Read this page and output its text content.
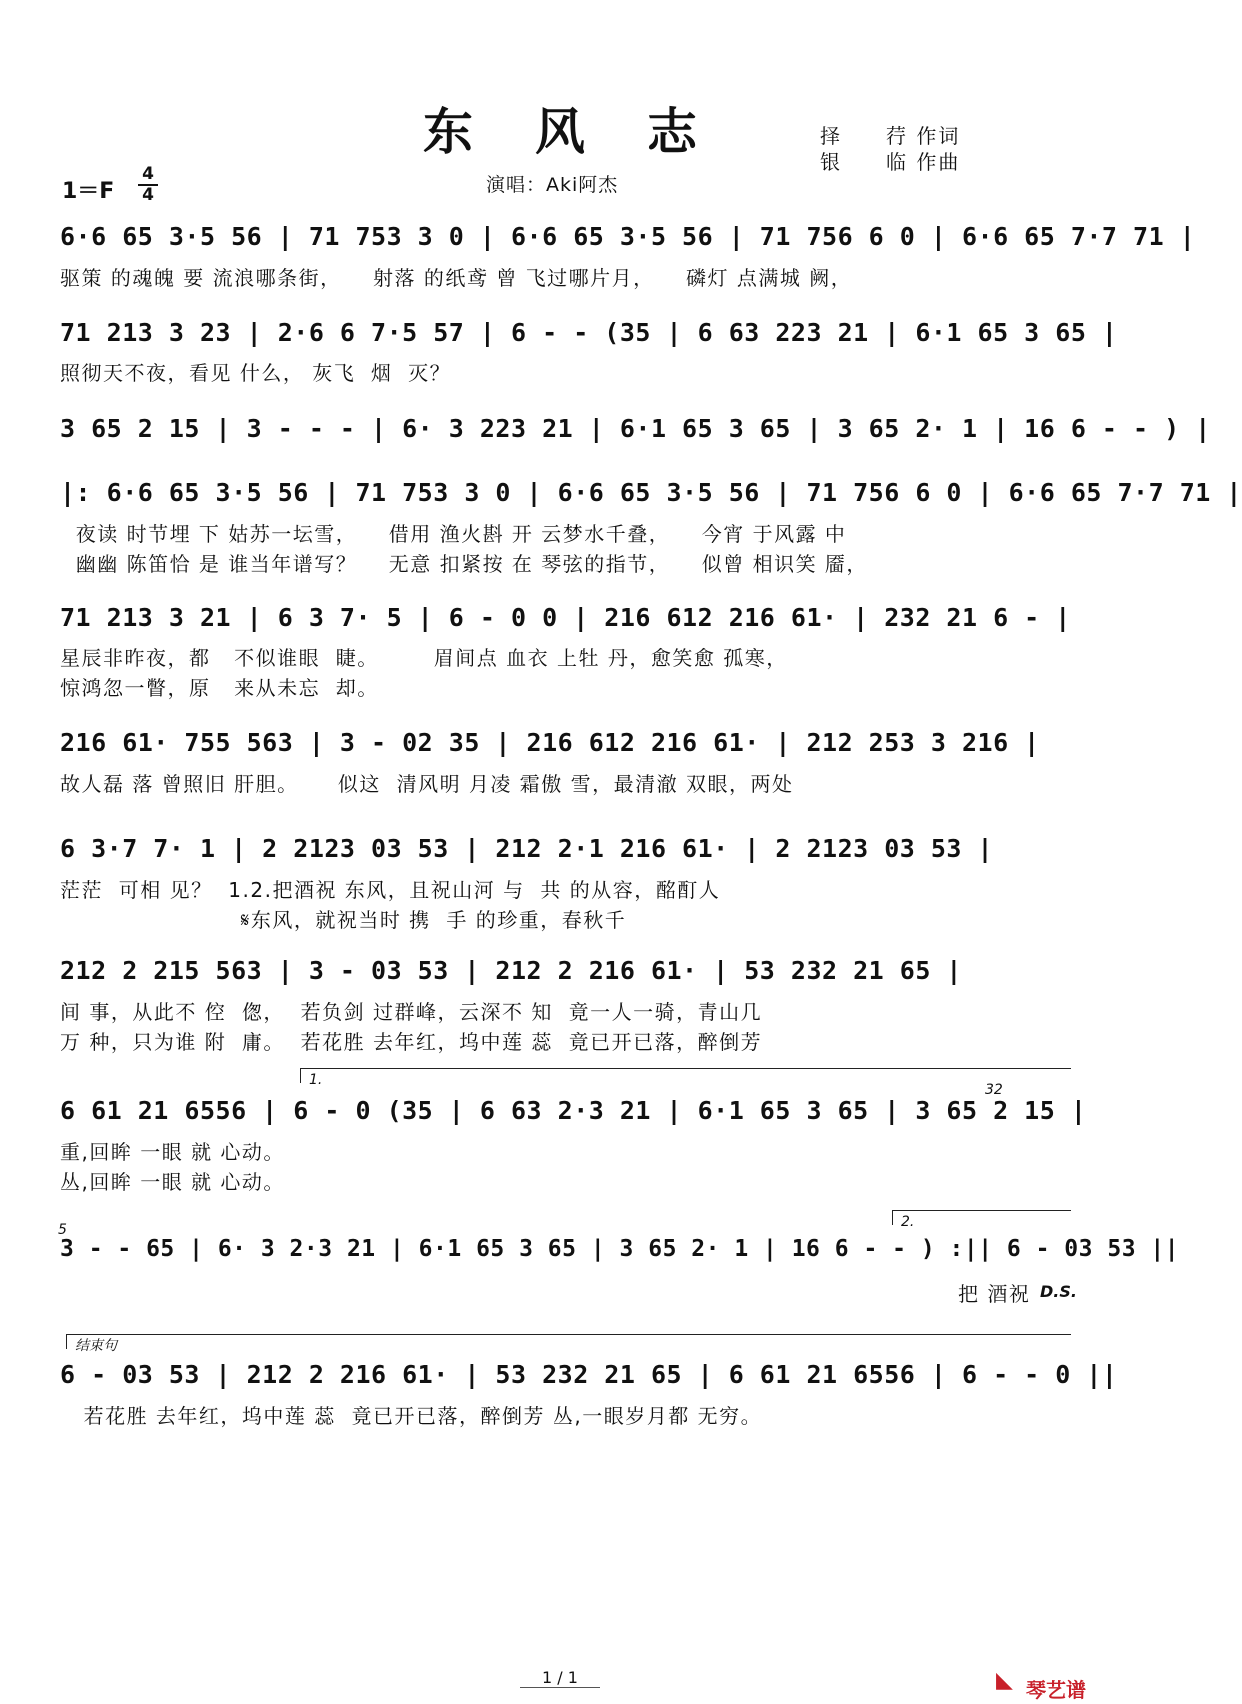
东风志	择　　荇 作词
银　　临 作曲
1＝F
4
4	演唱：Aki阿杰
6·6 65 3·5 56 | 71 753 3 0 | 6·6 65 3·5 56 | 71 756 6 0 | 6·6 65 7·7 71 |
驱策 的魂魄 要 流浪哪条街，    射落 的纸鸢 曾 飞过哪片月，    磷灯 点满城 阙，
71 213 3 23 | 2·6 6 7·5 57 | 6 - - (35 | 6 63 223 21 | 6·1 65 3 65 |
照彻天不夜，看见 什么， 灰飞  烟  灭？
3 65 2 15 | 3 - - - | 6· 3 223 21 | 6·1 65 3 65 | 3 65 2· 1 | 16 6 - - ) |
|: 6·6 65 3·5 56 | 71 753 3 0 | 6·6 65 3·5 56 | 71 756 6 0 | 6·6 65 7·7 71 |
夜读 时节埋 下 姑苏一坛雪，    借用 渔火斟 开 云梦水千叠，    今宵 于风露 中
幽幽 陈笛恰 是 谁当年谱写？    无意 扣紧按 在 琴弦的指节，    似曾 相识笑 靥，
71 213 3 21 | 6 3 7· 5 | 6 - 0 0 | 216 612 216 61· | 232 21 6 - |
星辰非昨夜，都   不似谁眼  睫。       眉间点 血衣 上牡 丹，愈笑愈 孤寒，
惊鸿忽一瞥，原   来从未忘  却。
216 61· 755 563 | 3 - 02 35 | 216 612 216 61· | 212 253 3 216 |
故人磊 落 曾照旧 肝胆。     似这  清风明 月凌 霜傲 雪，最清澈 双眼，两处
6 3·7 7· 1 | 2 2123 03 53 | 212 2·1 216 61· | 2 2123 03 53 |
茫茫  可相 见？  1.2.把酒祝 东风，且祝山河 与  共 的从容，酩酊人
𝄋东风，就祝当时 携  手 的珍重，春秋千
212 2 215 563 | 3 - 03 53 | 212 2 216 61· | 53 232 21 65 |
间 事，从此不 倥  偬，  若负剑 过群峰，云深不 知  竟一人一骑，青山几
万 种，只为谁 附  庸。  若花胜 去年红，坞中莲 蕊  竟已开已落，醉倒芳
1.
32
6 61 21 6556 | 6 - 0 (35 | 6 63 2·3 21 | 6·1 65 3 65 | 3 65 2 15 |
重,回眸 一眼 就 心动。
丛,回眸 一眼 就 心动。
2.
5
3 - - 65 | 6· 3 2·3 21 | 6·1 65 3 65 | 3 65 2· 1 | 16 6 - - ) :|| 6 - 03 53 ||
把 酒祝 D.S.
结束句
6 - 03 53 | 212 2 216 61· | 53 232 21 65 | 6 61 21 6556 | 6 - - 0 ||
若花胜 去年红，坞中莲 蕊  竟已开已落，醉倒芳 丛,一眼岁月都 无穷。
1 / 1	◣ 琴艺谱
